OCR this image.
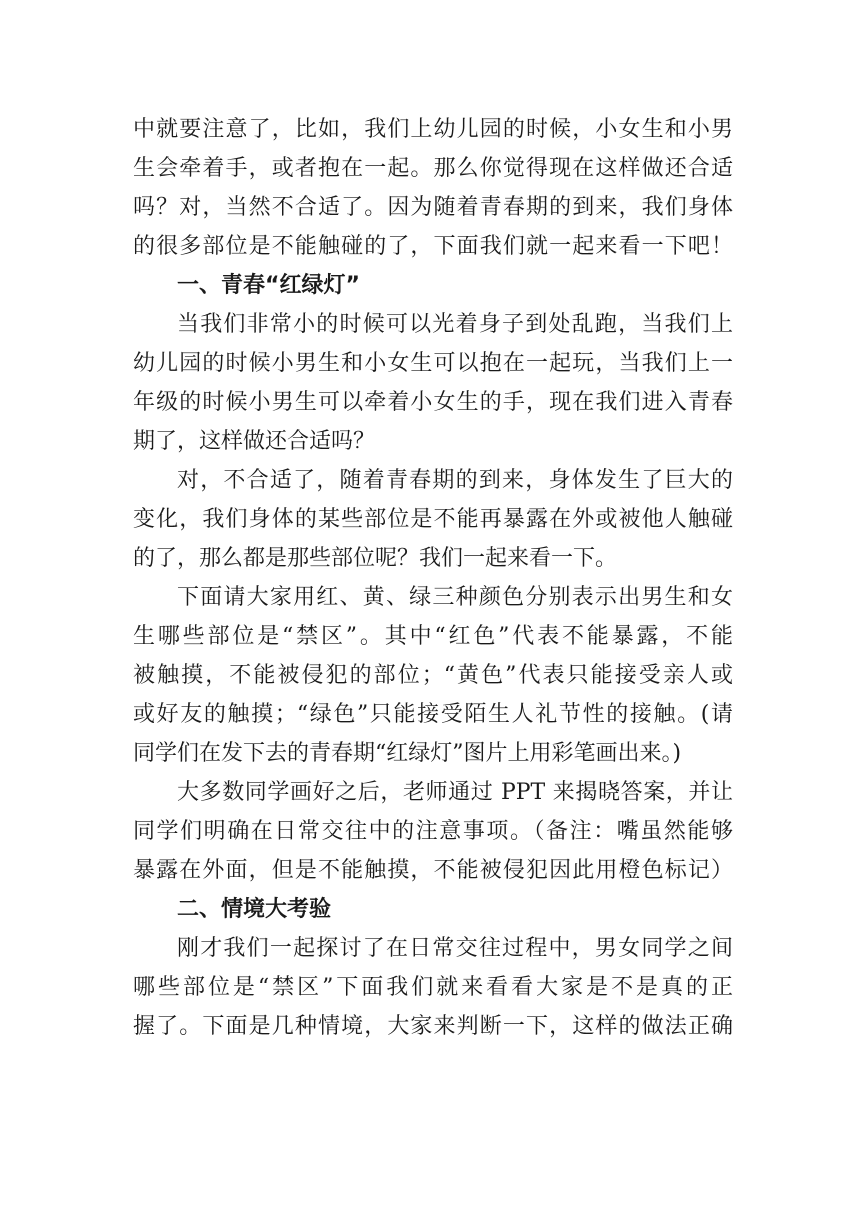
中就要注意了，比如，我们上幼儿园的时候，小女生和小男
生会牵着手，或者抱在一起。那么你觉得现在这样做还合适
吗？对，当然不合适了。因为随着青春期的到来，我们身体
的很多部位是不能触碰的了，下面我们就一起来看一下吧！
一、青春“红绿灯”
当我们非常小的时候可以光着身子到处乱跑，当我们上
幼儿园的时候小男生和小女生可以抱在一起玩，当我们上一
年级的时候小男生可以牵着小女生的手，现在我们进入青春
期了，这样做还合适吗？
对，不合适了，随着青春期的到来，身体发生了巨大的
变化，我们身体的某些部位是不能再暴露在外或被他人触碰
的了，那么都是那些部位呢？我们一起来看一下。
下面请大家用红、黄、绿三种颜色分别表示出男生和女
生哪些部位是“禁区”。其中“红色”代表不能暴露，不能
被触摸，不能被侵犯的部位；“黄色”代表只能接受亲人或
或好友的触摸；“绿色”只能接受陌生人礼节性的接触。(请
同学们在发下去的青春期“红绿灯”图片上用彩笔画出来。)
大多数同学画好之后，老师通过 PPT 来揭晓答案，并让
同学们明确在日常交往中的注意事项。（备注：嘴虽然能够
暴露在外面，但是不能触摸，不能被侵犯因此用橙色标记）
二、情境大考验
刚才我们一起探讨了在日常交往过程中，男女同学之间
哪些部位是“禁区”下面我们就来看看大家是不是真的正
握了。下面是几种情境，大家来判断一下，这样的做法正确
